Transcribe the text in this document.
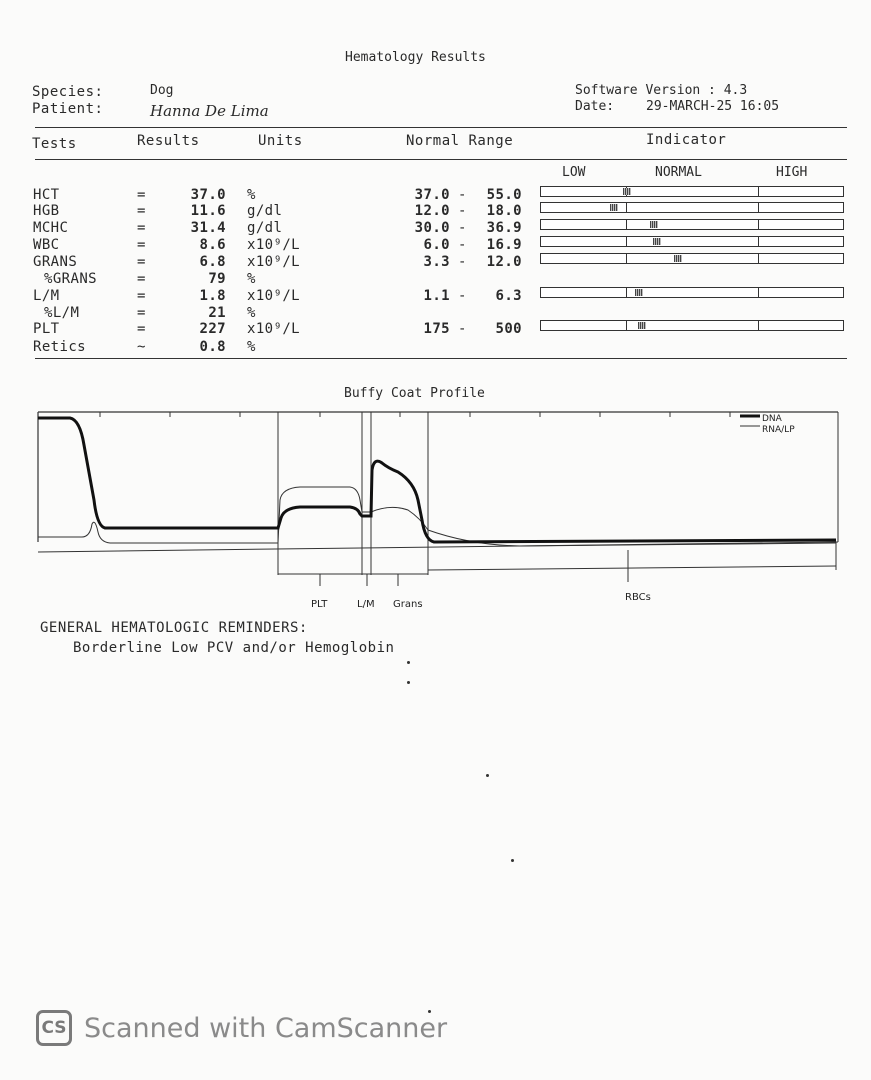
Hematology Results
Species:	Dog
Patient:	Hanna De Lima
Software Version : 4.3
Date: 29-MARCH-25 16:05
Tests	Results	Units	Normal Range	Indicator
LOW	NORMAL	HIGH
HCT	=	37.0 %	37.0 -	55.0
HGB	=	11.6 g/dl	12.0 -	18.0
MCHC	=	31.4 g/dl	30.0 -	36.9
WBC	=	8.6 x10⁹/L	6.0 -	16.9
GRANS	=	6.8 x10⁹/L	3.3 -	12.0
%GRANS	=	79 %
L/M	=	1.8 x10⁹/L	1.1 -	6.3
%L/M	=	21 %
PLT	=	227 x10⁹/L	175 -	500
Retics	~	0.8 %
Buffy Coat Profile
DNA
RNA/LP
PLT	L/M Grans
RBCs
GENERAL HEMATOLOGIC REMINDERS:
Borderline Low PCV and/or Hemoglobin
CS Scanned with CamScanner
